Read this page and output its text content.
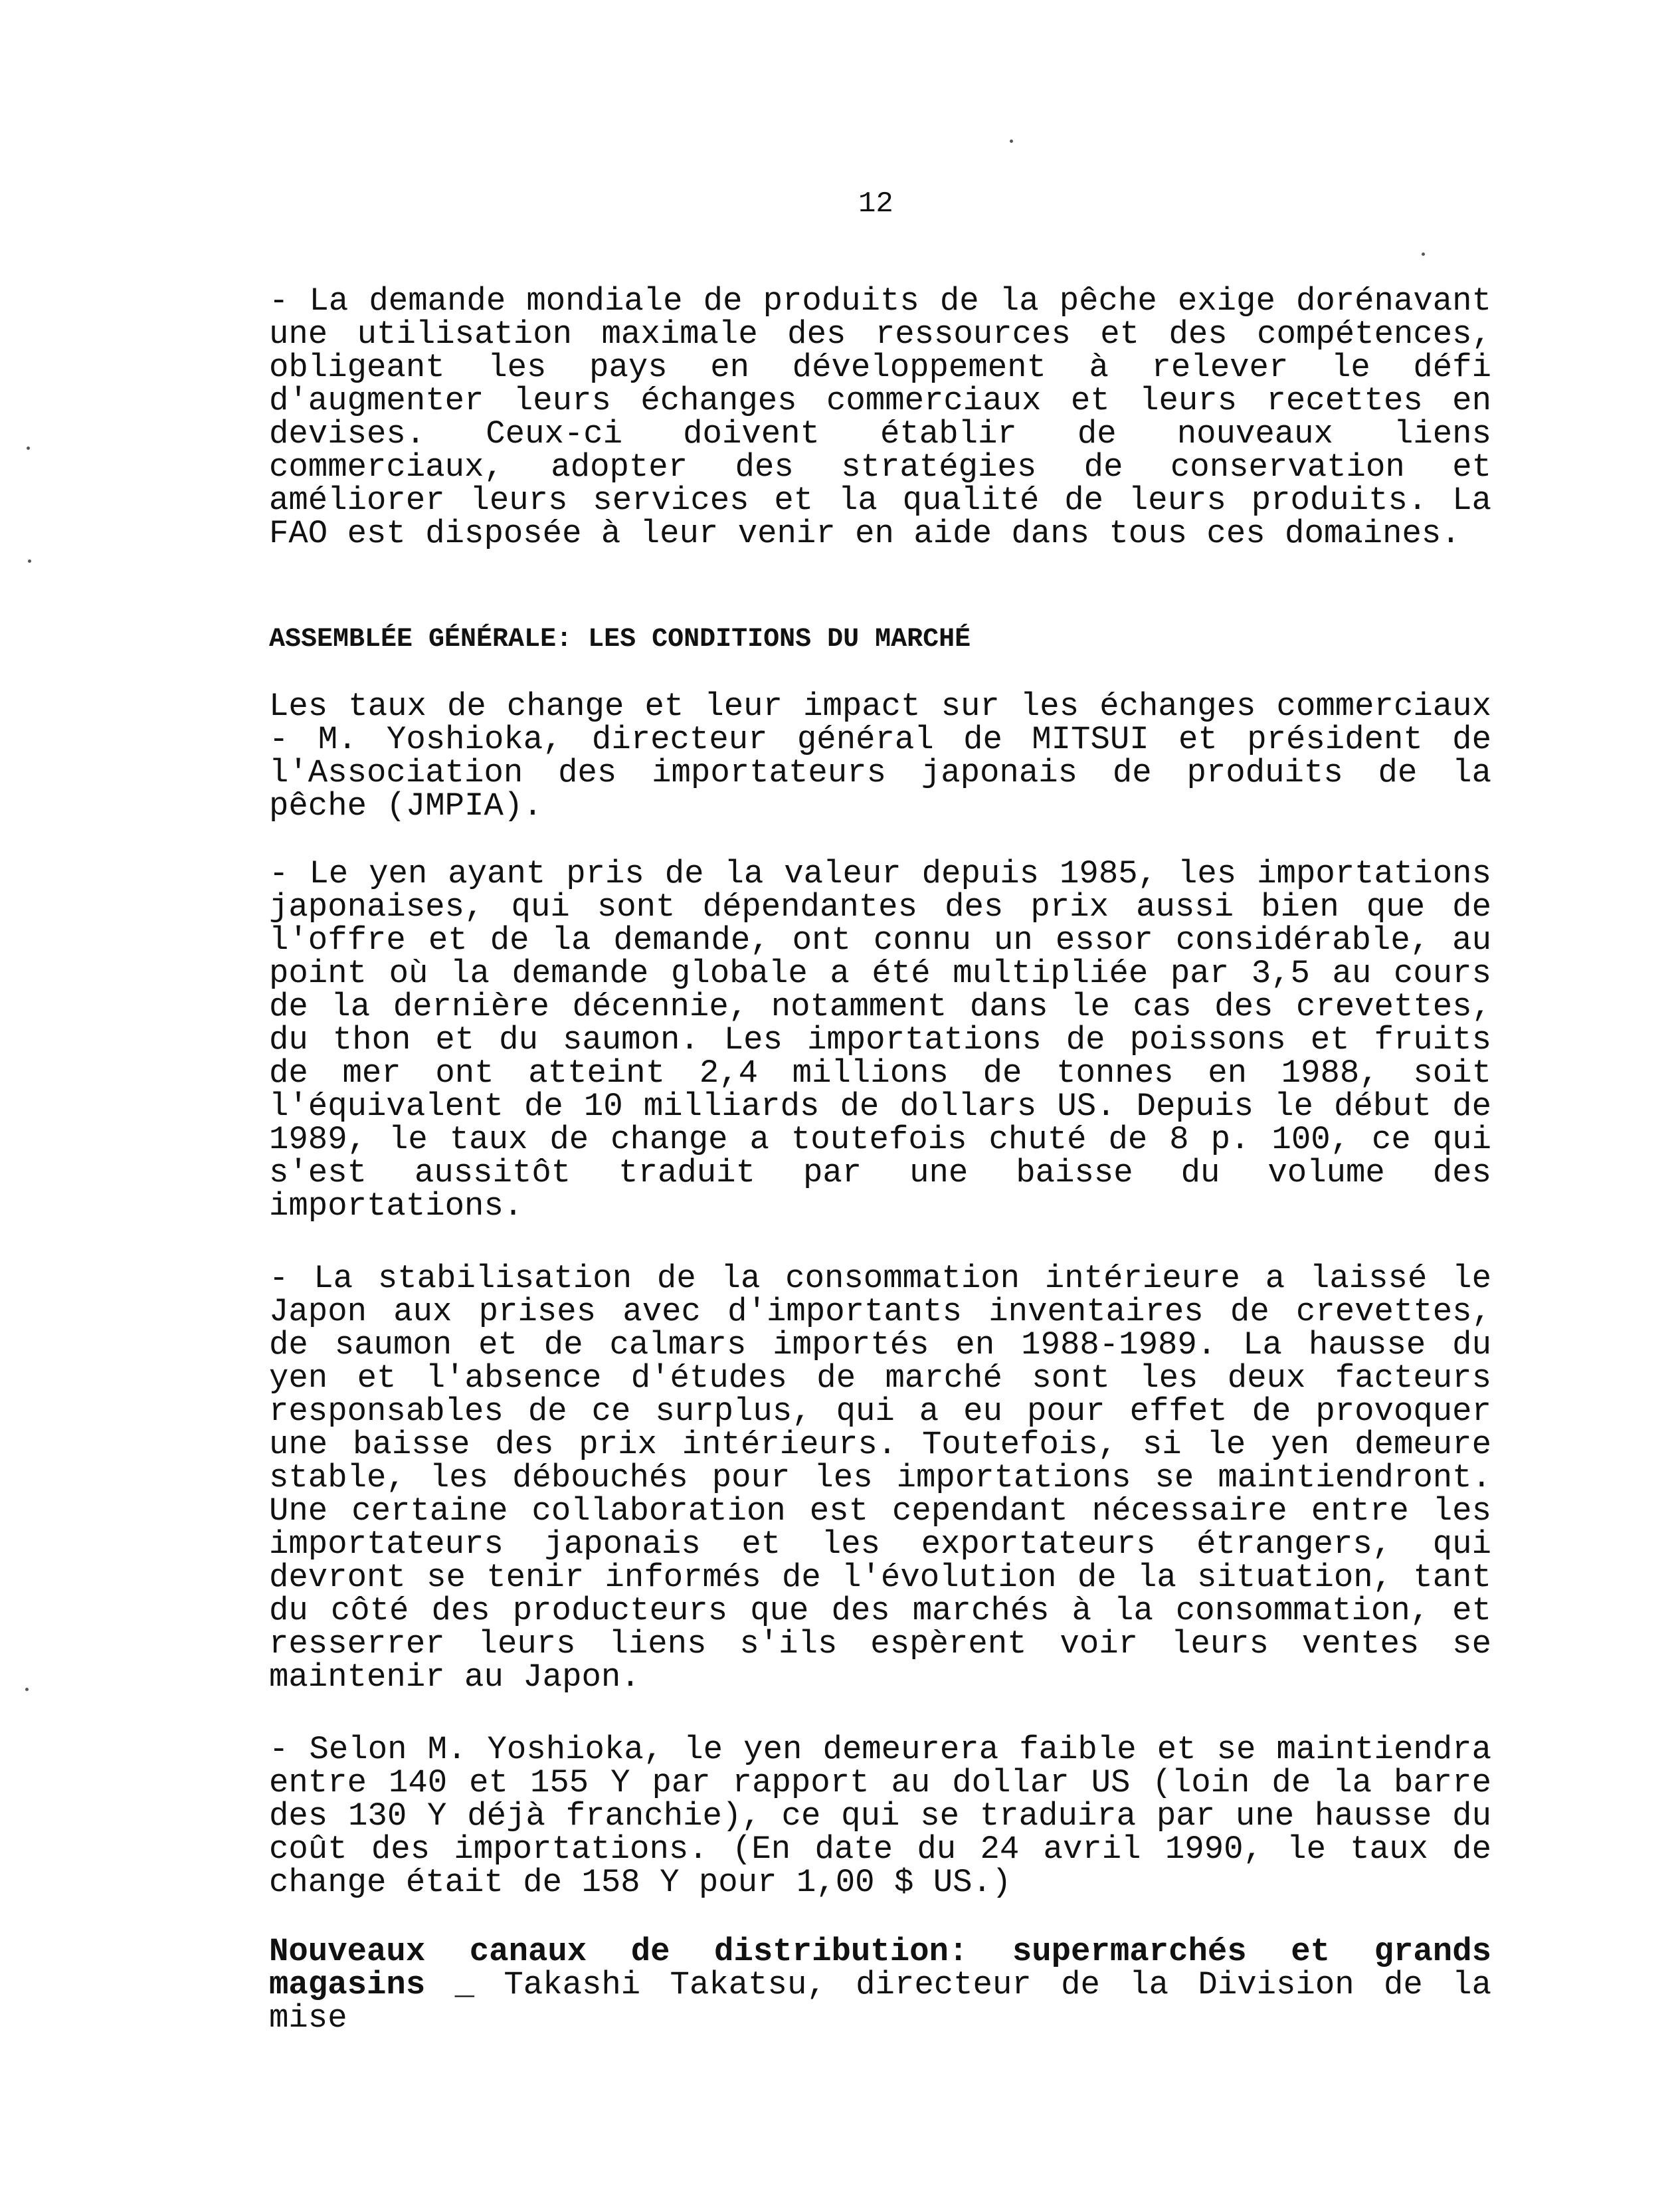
12

- La demande mondiale de produits de la pêche exige dorénavant une utilisation maximale des ressources et des compétences, obligeant les pays en développement à relever le défi d'augmenter leurs échanges commerciaux et leurs recettes en devises. Ceux-ci doivent établir de nouveaux liens commerciaux, adopter des stratégies de conservation et améliorer leurs services et la qualité de leurs produits. La FAO est disposée à leur venir en aide dans tous ces domaines.

ASSEMBLÉE GÉNÉRALE: LES CONDITIONS DU MARCHÉ

Les taux de change et leur impact sur les échanges commerciaux - M. Yoshioka, directeur général de MITSUI et président de l'Association des importateurs japonais de produits de la pêche (JMPIA).

- Le yen ayant pris de la valeur depuis 1985, les importations japonaises, qui sont dépendantes des prix aussi bien que de l'offre et de la demande, ont connu un essor considérable, au point où la demande globale a été multipliée par 3,5 au cours de la dernière décennie, notamment dans le cas des crevettes, du thon et du saumon. Les importations de poissons et fruits de mer ont atteint 2,4 millions de tonnes en 1988, soit l'équivalent de 10 milliards de dollars US. Depuis le début de 1989, le taux de change a toutefois chuté de 8 p. 100, ce qui s'est aussitôt traduit par une baisse du volume des importations.

- La stabilisation de la consommation intérieure a laissé le Japon aux prises avec d'importants inventaires de crevettes, de saumon et de calmars importés en 1988-1989. La hausse du yen et l'absence d'études de marché sont les deux facteurs responsables de ce surplus, qui a eu pour effet de provoquer une baisse des prix intérieurs. Toutefois, si le yen demeure stable, les débouchés pour les importations se maintiendront. Une certaine collaboration est cependant nécessaire entre les importateurs japonais et les exportateurs étrangers, qui devront se tenir informés de l'évolution de la situation, tant du côté des producteurs que des marchés à la consommation, et resserrer leurs liens s'ils espèrent voir leurs ventes se maintenir au Japon.

- Selon M. Yoshioka, le yen demeurera faible et se maintiendra entre 140 et 155 Y par rapport au dollar US (loin de la barre des 130 Y déjà franchie), ce qui se traduira par une hausse du coût des importations. (En date du 24 avril 1990, le taux de change était de 158 Y pour 1,00 $ US.)

Nouveaux canaux de distribution: supermarchés et grands magasins _ Takashi Takatsu, directeur de la Division de la mise
